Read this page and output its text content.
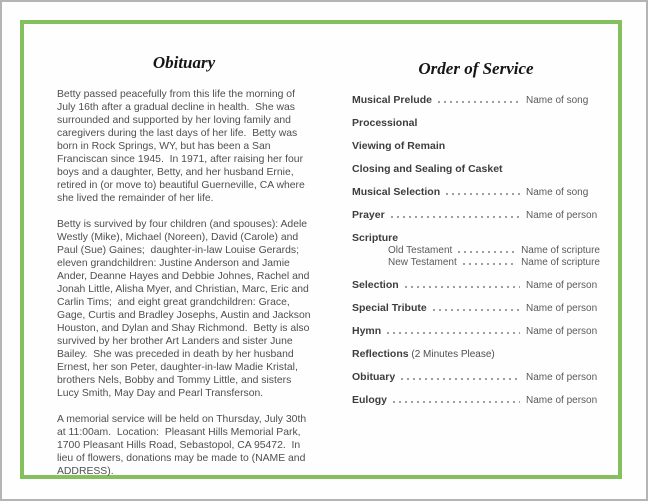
Obituary

Betty passed peacefully from this life the morning of July 16th after a gradual decline in health.  She was surrounded and supported by her loving family and caregivers during the last days of her life.  Betty was born in Rock Springs, WY, but has been a San Franciscan since 1945.  In 1971, after raising her four boys and a daughter, Betty, and her husband Ernie, retired in (or move to) beautiful Guerneville, CA where she lived the remainder of her life.

Betty is survived by four children (and spouses): Adele Westly (Mike), Michael (Noreen), David (Carole) and Paul (Sue) Gaines;  daughter-in-law Louise Gerards;  eleven grandchildren: Justine Anderson and Jamie Ander, Deanne Hayes and Debbie Johnes, Rachel and Jonah Little, Alisha Myer, and Christian, Marc, Eric and Carlin Tims;  and eight great grandchildren: Grace, Gage, Curtis and Bradley Josephs, Austin and Jackson Houston, and Dylan and Shay Richmond.  Betty is also survived by her brother Art Landers and sister June Bailey.  She was preceded in death by her husband Ernest, her son Peter, daughter-in-law Madie Kristal, brothers Nels, Bobby and Tommy Little, and sisters Lucy Smith, May Day and Pearl Transferson.

A memorial service will be held on Thursday, July 30th at 11:00am.  Location:  Pleasant Hills Memorial Park, 1700 Pleasant Hills Road, Sebastopol, CA 95472.  In lieu of flowers, donations may be made to (NAME and ADDRESS).

Order of Service
Musical Prelude	Name of song
Processional
Viewing of Remain
Closing and Sealing of Casket
Musical Selection	Name of song
Prayer	Name of person
Scripture
Old Testament	Name of scripture
New Testament	Name of scripture
Selection	Name of person
Special Tribute	Name of person
Hymn	Name of person
Reflections (2 Minutes Please)
Obituary	Name of person
Eulogy	Name of person
